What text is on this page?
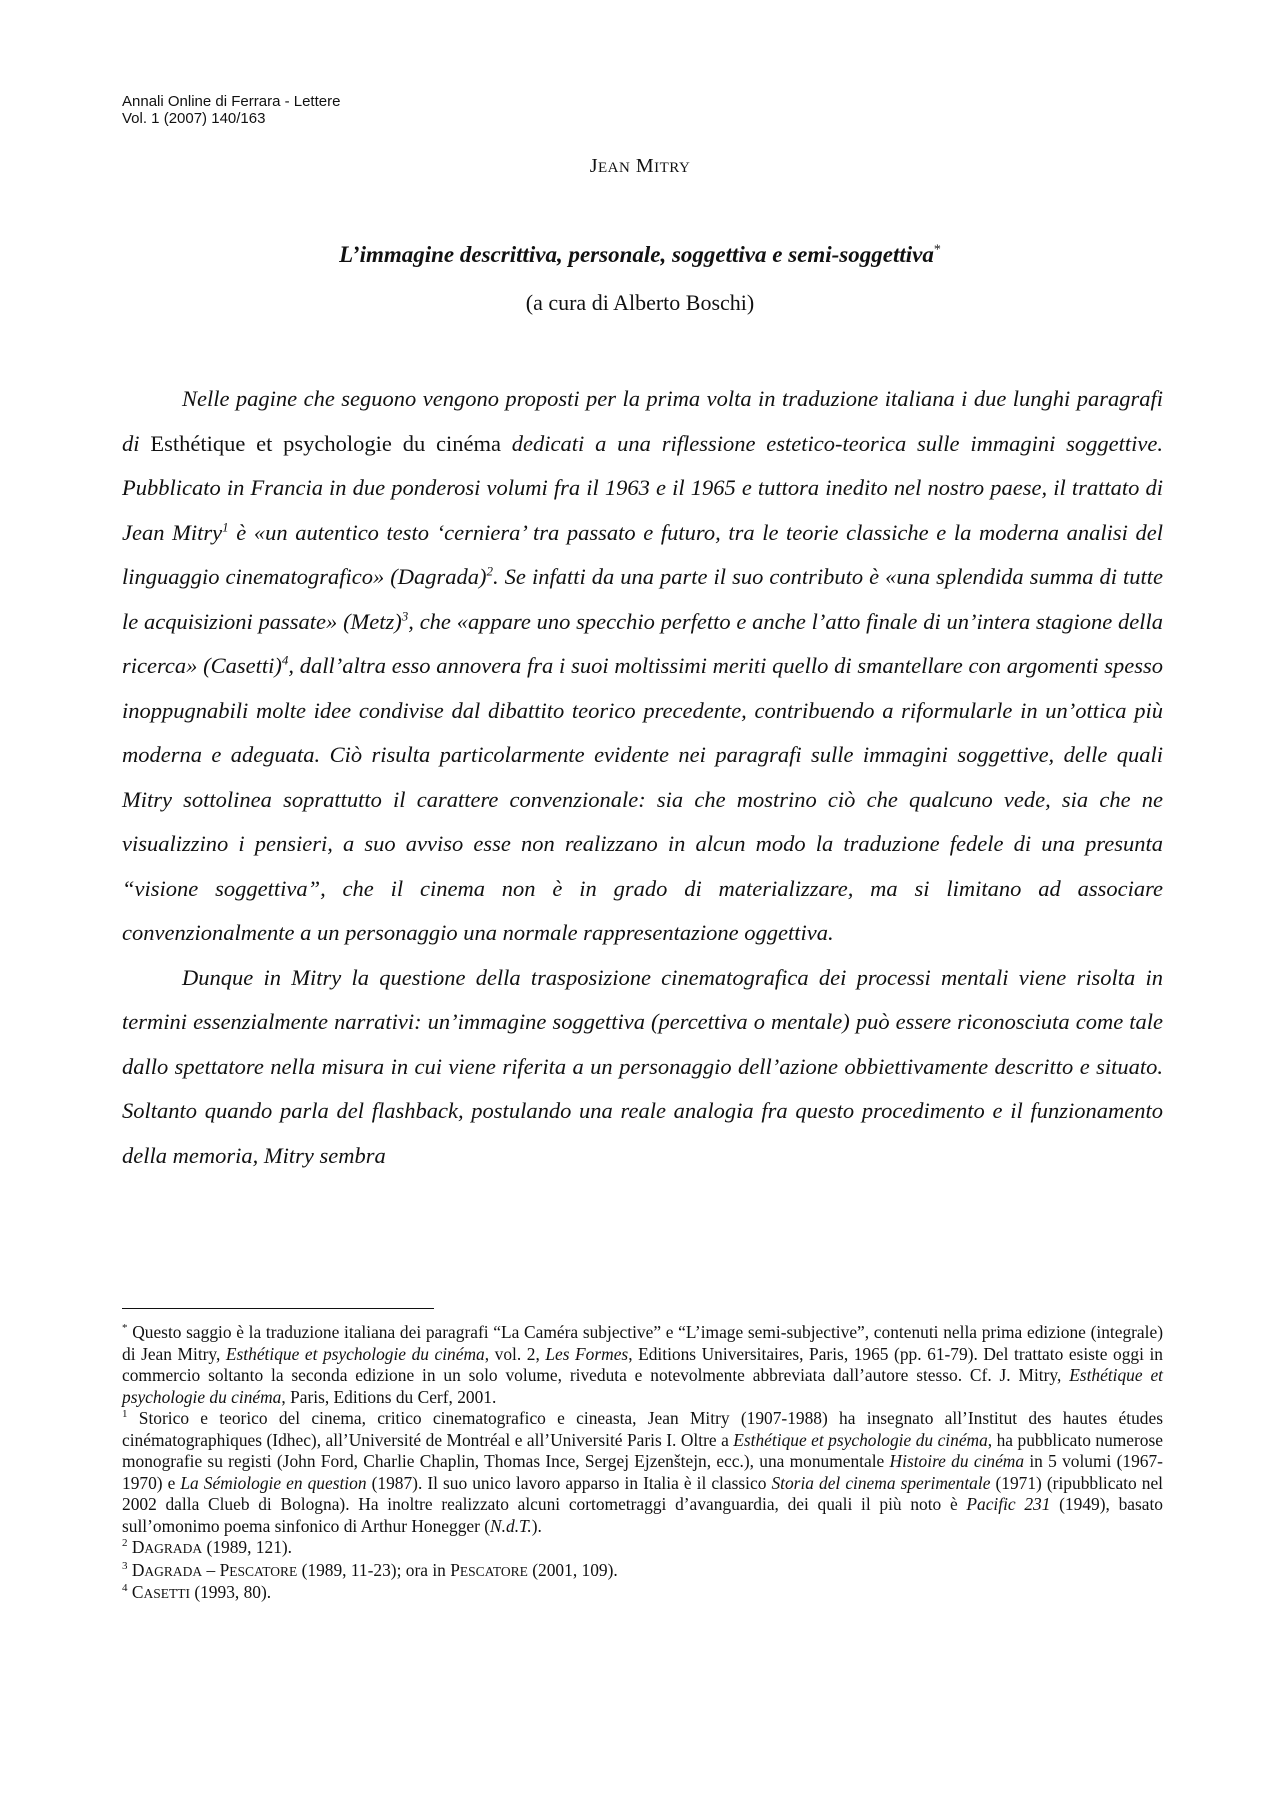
Annali Online di Ferrara - Lettere
Vol. 1 (2007) 140/163
JEAN MITRY
L’immagine descrittiva, personale, soggettiva e semi-soggettiva*
(a cura di Alberto Boschi)

Nelle pagine che seguono vengono proposti per la prima volta in traduzione italiana i due lunghi paragrafi di Esthétique et psychologie du cinéma dedicati a una riflessione estetico-teorica sulle immagini soggettive. Pubblicato in Francia in due ponderosi volumi fra il 1963 e il 1965 e tuttora inedito nel nostro paese, il trattato di Jean Mitry$^1$ è «un autentico testo ‘cerniera’ tra passato e futuro, tra le teorie classiche e la moderna analisi del linguaggio cinematografico» (Dagrada)$^2$. Se infatti da una parte il suo contributo è «una splendida summa di tutte le acquisizioni passate» (Metz)$^3$, che «appare uno specchio perfetto e anche l’atto finale di un’intera stagione della ricerca» (Casetti)$^4$, dall’altra esso annovera fra i suoi moltissimi meriti quello di smantellare con argomenti spesso inoppugnabili molte idee condivise dal dibattito teorico precedente, contribuendo a riformularle in un’ottica più moderna e adeguata. Ciò risulta particolarmente evidente nei paragrafi sulle immagini soggettive, delle quali Mitry sottolinea soprattutto il carattere convenzionale: sia che mostrino ciò che qualcuno vede, sia che ne visualizzino i pensieri, a suo avviso esse non realizzano in alcun modo la traduzione fedele di una presunta “visione soggettiva”, che il cinema non è in grado di materializzare, ma si limitano ad associare convenzionalmente a un personaggio una normale rappresentazione oggettiva.

Dunque in Mitry la questione della trasposizione cinematografica dei processi mentali viene risolta in termini essenzialmente narrativi: un’immagine soggettiva (percettiva o mentale) può essere riconosciuta come tale dallo spettatore nella misura in cui viene riferita a un personaggio dell’azione obbiettivamente descritto e situato. Soltanto quando parla del flashback, postulando una reale analogia fra questo procedimento e il funzionamento della memoria, Mitry sembra

* Questo saggio è la traduzione italiana dei paragrafi “La Caméra subjective” e “L’image semi-subjective”, contenuti nella prima edizione (integrale) di Jean Mitry, Esthétique et psychologie du cinéma, vol. 2, Les Formes, Editions Universitaires, Paris, 1965 (pp. 61-79). Del trattato esiste oggi in commercio soltanto la seconda edizione in un solo volume, riveduta e notevolmente abbreviata dall’autore stesso. Cf. J. Mitry, Esthétique et psychologie du cinéma, Paris, Editions du Cerf, 2001.

$^1$ Storico e teorico del cinema, critico cinematografico e cineasta, Jean Mitry (1907-1988) ha insegnato all’Institut des hautes études cinématographiques (Idhec), all’Université de Montréal e all’Université Paris I. Oltre a Esthétique et psychologie du cinéma, ha pubblicato numerose monografie su registi (John Ford, Charlie Chaplin, Thomas Ince, Sergej Ejzenštejn, ecc.), una monumentale Histoire du cinéma in 5 volumi (1967-1970) e La Sémiologie en question (1987). Il suo unico lavoro apparso in Italia è il classico Storia del cinema sperimentale (1971) (ripubblicato nel 2002 dalla Clueb di Bologna). Ha inoltre realizzato alcuni cortometraggi d’avanguardia, dei quali il più noto è Pacific 231 (1949), basato sull’omonimo poema sinfonico di Arthur Honegger (N.d.T.).

$^2$ DAGRADA (1989, 121).

$^3$ DAGRADA – PESCATORE (1989, 11-23); ora in PESCATORE (2001, 109).

$^4$ CASETTI (1993, 80).
